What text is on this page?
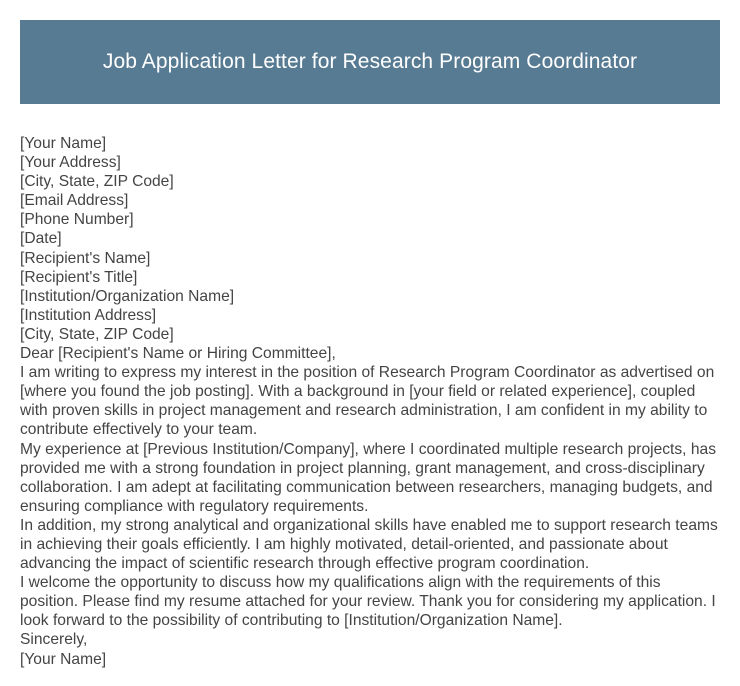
Job Application Letter for Research Program Coordinator

[Your Name]

[Your Address]

[City, State, ZIP Code]

[Email Address]

[Phone Number]

[Date]

[Recipient's Name]

[Recipient's Title]

[Institution/Organization Name]

[Institution Address]

[City, State, ZIP Code]

Dear [Recipient's Name or Hiring Committee],

I am writing to express my interest in the position of Research Program Coordinator as advertised on [where you found the job posting]. With a background in [your field or related experience], coupled with proven skills in project management and research administration, I am confident in my ability to contribute effectively to your team.

My experience at [Previous Institution/Company], where I coordinated multiple research projects, has provided me with a strong foundation in project planning, grant management, and cross-disciplinary collaboration. I am adept at facilitating communication between researchers, managing budgets, and ensuring compliance with regulatory requirements.

In addition, my strong analytical and organizational skills have enabled me to support research teams in achieving their goals efficiently. I am highly motivated, detail-oriented, and passionate about advancing the impact of scientific research through effective program coordination.

I welcome the opportunity to discuss how my qualifications align with the requirements of this position. Please find my resume attached for your review. Thank you for considering my application. I look forward to the possibility of contributing to [Institution/Organization Name].

Sincerely,

[Your Name]
